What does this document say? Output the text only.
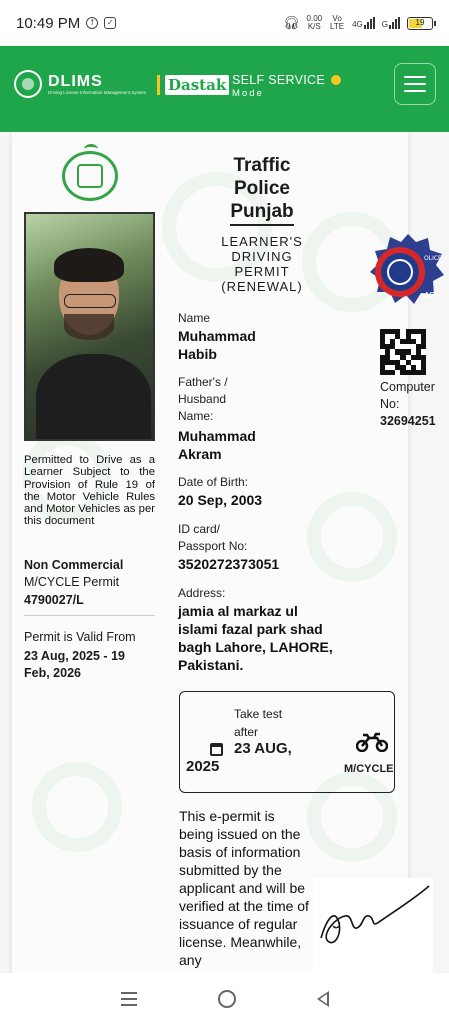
10:49 PM	f	✓	🎧︎ 0.00
K/S
Vo LTE 4G G	19
DLIMS
Driving License Information Management System Dastak SELF SERVICE
Mode
Permitted to Drive as a Learner Subject to the Provision of Rule 19 of the Motor Vehicle Rules and Motor Vehicles as per this document
Non Commercial
M/CYCLE Permit
4790027/L
Permit is Valid From
23 Aug, 2025 - 19
Feb, 2026
Traffic
Police
Punjab
LEARNER'S
DRIVING
PERMIT
(RENEWAL)
Name
Muhammad
Habib
Father's /
Husband
Name:
Muhammad
Akram
Date of Birth:
20 Sep, 2003
ID card/
Passport No:
3520272373051
Address:
jamia al markaz ul
islami fazal park shad
bagh Lahore, LAHORE,
Pakistani.
Take test
after
23 AUG,
2025	M/CYCLE
This e-permit is being issued on the basis of information submitted by the applicant and will be verified at the time of issuance of regular license. Meanwhile, any
AB
OLICE
Computer
No:
32694251
